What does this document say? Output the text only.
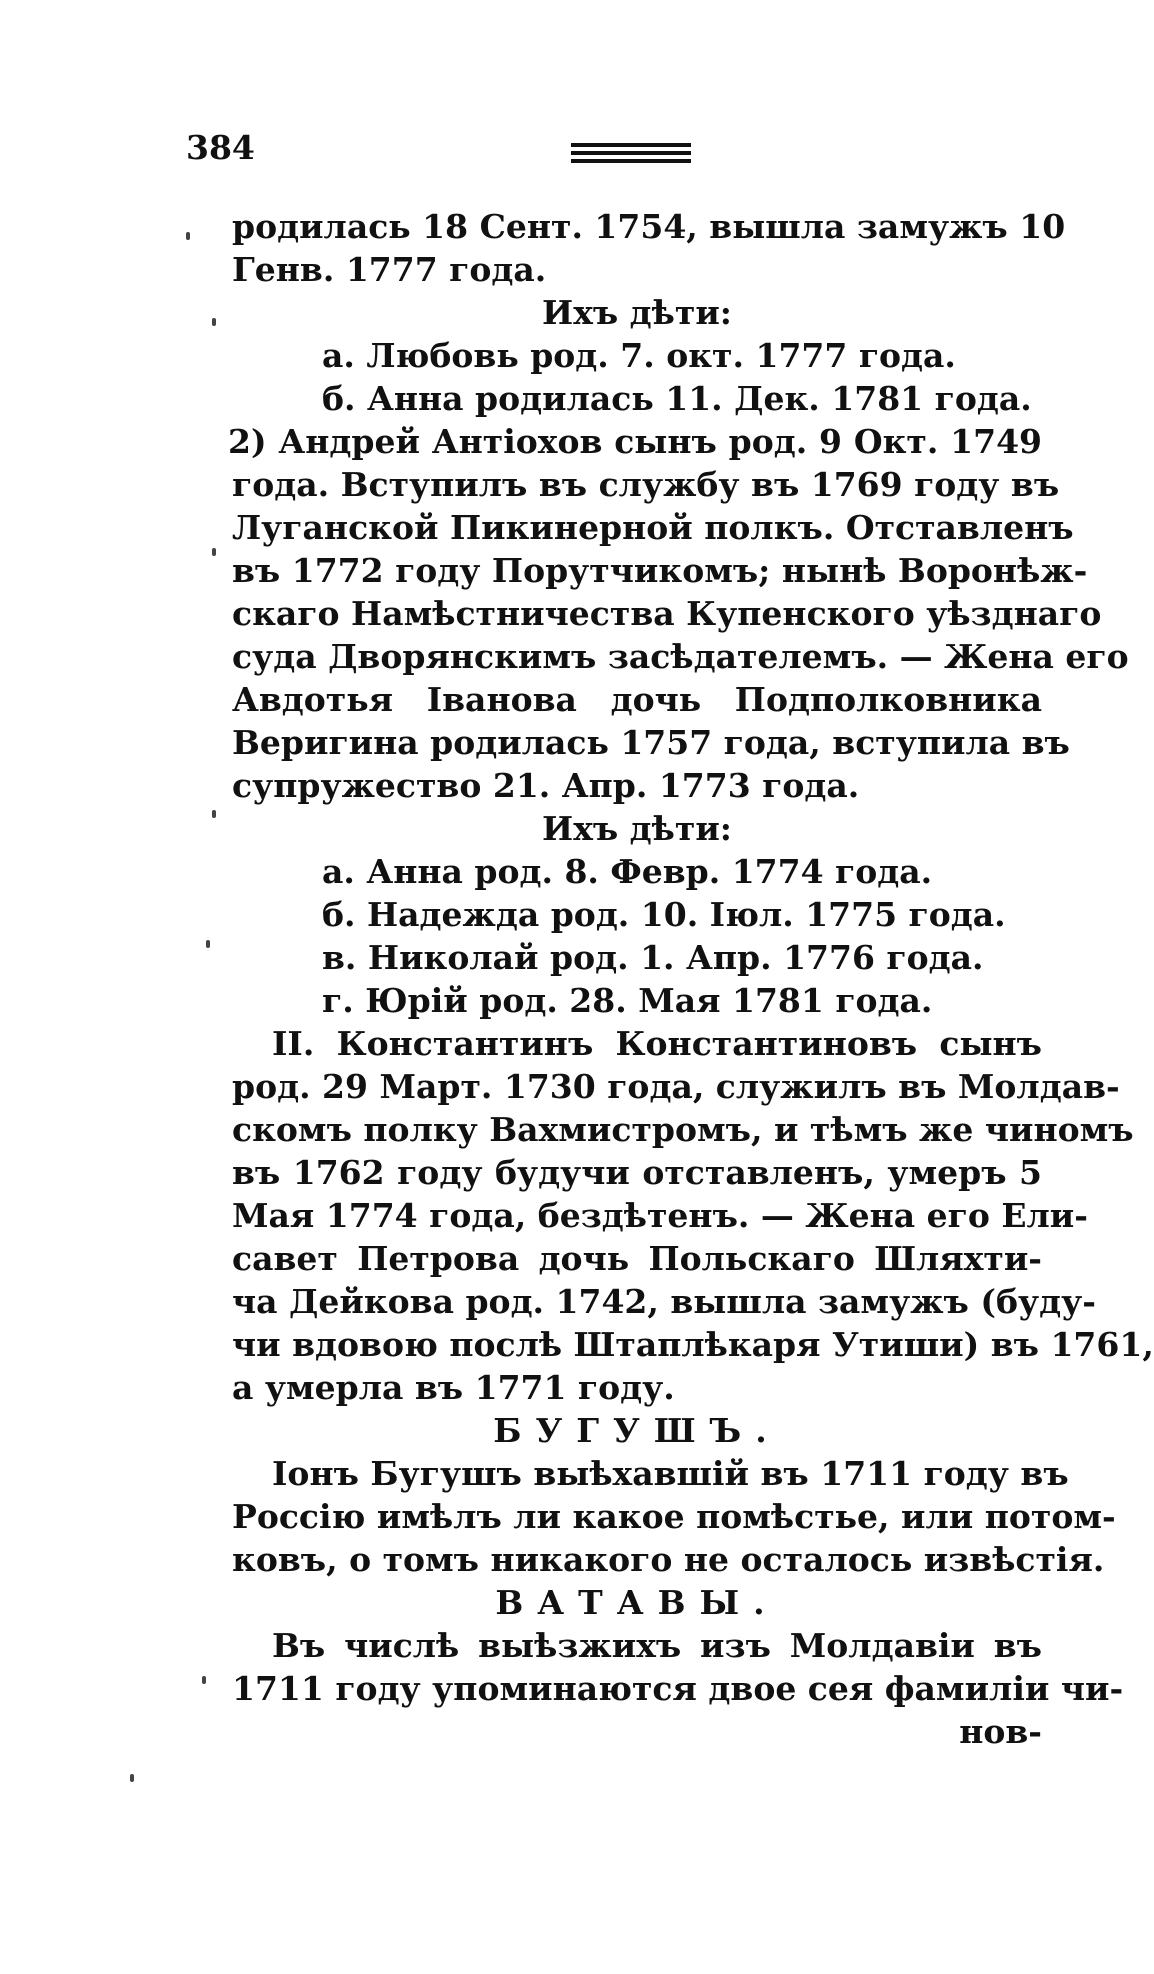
384
родилась 18 Сент. 1754, вышла замужъ 10
Генв. 1777 года.
Ихъ дѣти:
а. Любовь род. 7. окт. 1777 года.
б. Анна родилась 11. Дек. 1781 года.
2) Андрей Антіохов сынъ род. 9 Окт. 1749
года. Вступилъ въ службу въ 1769 году въ
Луганской Пикинерной полкъ. Отставленъ
въ 1772 году Порутчикомъ; нынѣ Воронѣж-
скаго Намѣстничества Купенского уѣзднаго
суда Дворянскимъ засѣдателемъ. — Жена его
Авдотья Іванова дочь Подполковника
Веригина родилась 1757 года, вступила въ
супружество 21. Апр. 1773 года.
Ихъ дѣти:
а. Анна род. 8. Февр. 1774 года.
б. Надежда род. 10. Іюл. 1775 года.
в. Николай род. 1. Апр. 1776 года.
г. Юрій род. 28. Мая 1781 года.
II. Константинъ Константиновъ сынъ
род. 29 Март. 1730 года, служилъ въ Молдав-
скомъ полку Вахмистромъ, и тѣмъ же чиномъ
въ 1762 году будучи отставленъ, умеръ 5
Мая 1774 года, бездѣтенъ. — Жена его Ели-
савет Петрова дочь Польскаго Шляхти-
ча Дейкова род. 1742, вышла замужъ (буду-
чи вдовою послѣ Штаплѣкаря Утиши) въ 1761,
а умерла въ 1771 году.
БУГУШЪ.
Іонъ Бугушъ выѣхавшій въ 1711 году въ
Россію имѣлъ ли какое помѣстье, или потом-
ковъ, о томъ никакого не осталось извѣстія.
ВАТАВЫ.
Въ числѣ выѣзжихъ изъ Молдавіи въ
1711 году упоминаются двое сея фамиліи чи-
нов-
